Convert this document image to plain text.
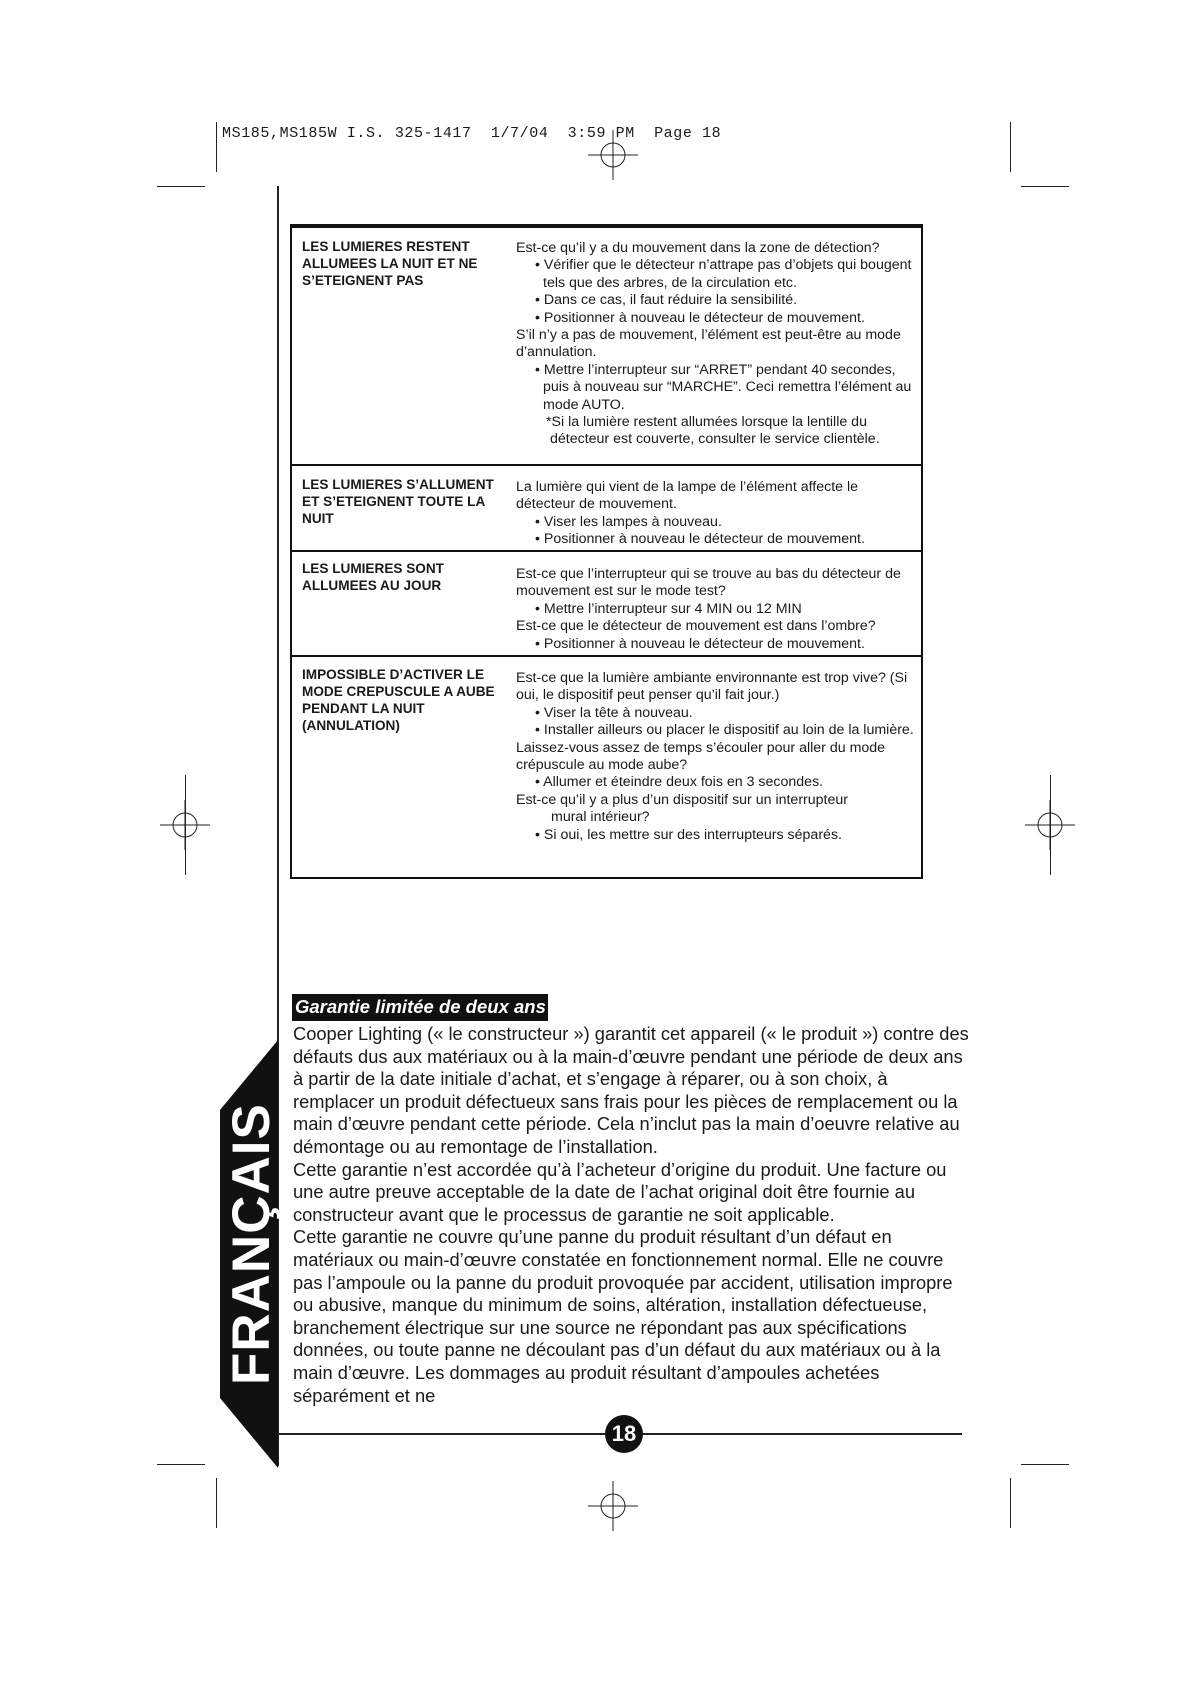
MS185,MS185W I.S. 325-1417  1/7/04  3:59 PM  Page 18
LES LUMIERES RESTENT ALLUMEES LA NUIT ET NE S’ETEIGNENT PAS

Est-ce qu’il y a du mouvement dans la zone de détection?

• Vérifier que le détecteur n’attrape pas d’objets qui bougent tels que des arbres, de la circulation etc.

• Dans ce cas, il faut réduire la sensibilité.

• Positionner à nouveau le détecteur de mouvement.

S’il n’y a pas de mouvement, l’élément est peut-être au mode d’annulation.

• Mettre l’interrupteur sur “ARRET” pendant 40 secondes, puis à nouveau sur “MARCHE”. Ceci remettra l’élément au mode AUTO.

*Si la lumière restent allumées lorsque la lentille du détecteur est couverte, consulter le service clientèle.

LES LUMIERES S’ALLUMENT ET S’ETEIGNENT TOUTE LA NUIT

La lumière qui vient de la lampe de l’élément affecte le détecteur de mouvement.

• Viser les lampes à nouveau.

• Positionner à nouveau le détecteur de mouvement.

LES LUMIERES SONT ALLUMEES AU JOUR

Est-ce que l’interrupteur qui se trouve au bas du détecteur de mouvement est sur le mode test?

• Mettre l’interrupteur sur 4 MIN ou 12 MIN

Est-ce que le détecteur de mouvement est dans l’ombre?

• Positionner à nouveau le détecteur de mouvement.

IMPOSSIBLE D’ACTIVER LE MODE CREPUSCULE A AUBE PENDANT LA NUIT (ANNULATION)

Est-ce que la lumière ambiante environnante est trop vive? (Si oui, le dispositif peut penser qu’il fait jour.)

• Viser la tête à nouveau.

• Installer ailleurs ou placer le dispositif au loin de la lumière.

Laissez-vous assez de temps s’écouler pour aller du mode crépuscule au mode aube?

• Allumer et éteindre deux fois en 3 secondes.

Est-ce qu’il y a plus d’un dispositif sur un interrupteur

mural intérieur?

• Si oui, les mettre sur des interrupteurs séparés.

Garantie limitée de deux ans

Cooper Lighting (« le constructeur ») garantit cet appareil (« le produit ») contre des défauts dus aux matériaux ou à la main-d’œuvre pendant une période de deux ans à partir de la date initiale d’achat, et s’engage à réparer, ou à son choix, à remplacer un produit défectueux sans frais pour les pièces de remplacement ou la main d’œuvre pendant cette période. Cela n’inclut pas la main d’oeuvre relative au démontage ou au remontage de l’installation.

Cette garantie n’est accordée qu’à l’acheteur d’origine du produit. Une facture ou une autre preuve acceptable de la date de l’achat original doit être fournie au constructeur avant que le processus de garantie ne soit applicable.

Cette garantie ne couvre qu’une panne du produit résultant d’un défaut en matériaux ou main-d’œuvre constatée en fonctionnement normal. Elle ne couvre pas l’ampoule ou la panne du produit provoquée par accident, utilisation impropre ou abusive, manque du minimum de soins, altération, installation défectueuse, branchement électrique sur une source ne répondant pas aux spécifications données, ou toute panne ne découlant pas d’un défaut du aux matériaux ou à la main d’œuvre. Les dommages au produit résultant d’ampoules achetées séparément et ne

FRANÇAIS
18
